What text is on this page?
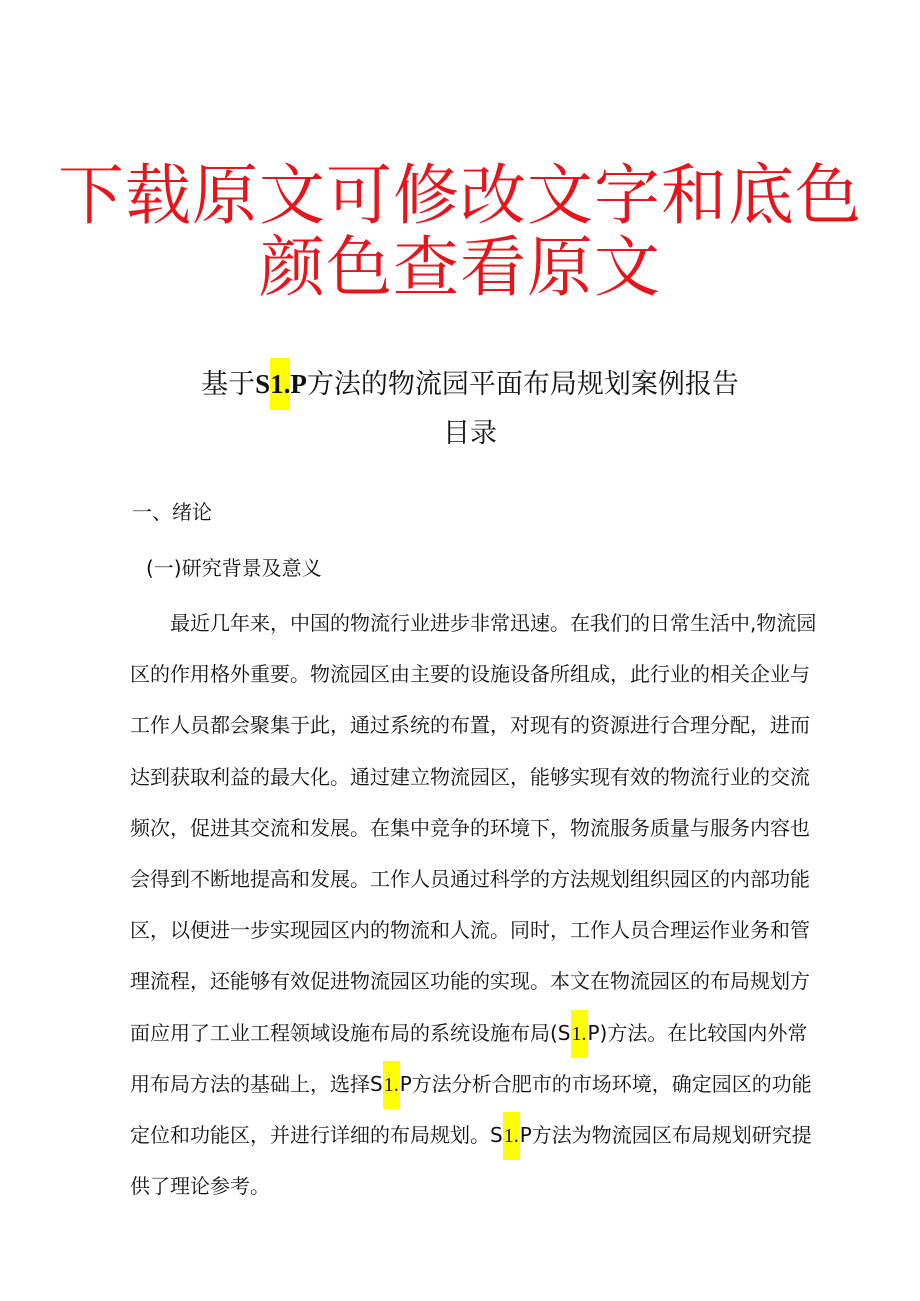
下载原文可修改文字和底色
颜色查看原文
基于S1.P方法的物流园平面布局规划案例报告
目录
一、绪论
(一)研究背景及意义
最近几年来，中国的物流行业进步非常迅速。在我们的日常生活中,物流园
区的作用格外重要。物流园区由主要的设施设备所组成，此行业的相关企业与
工作人员都会聚集于此，通过系统的布置，对现有的资源进行合理分配，进而
达到获取利益的最大化。通过建立物流园区，能够实现有效的物流行业的交流
频次，促进其交流和发展。在集中竞争的环境下，物流服务质量与服务内容也
会得到不断地提高和发展。工作人员通过科学的方法规划组织园区的内部功能
区，以便进一步实现园区内的物流和人流。同时，工作人员合理运作业务和管
理流程，还能够有效促进物流园区功能的实现。本文在物流园区的布局规划方
面应用了工业工程领域设施布局的系统设施布局(S1.P)方法。在比较国内外常
用布局方法的基础上，选择S1.P方法分析合肥市的市场环境，确定园区的功能
定位和功能区，并进行详细的布局规划。S1.P方法为物流园区布局规划研究提
供了理论参考。
